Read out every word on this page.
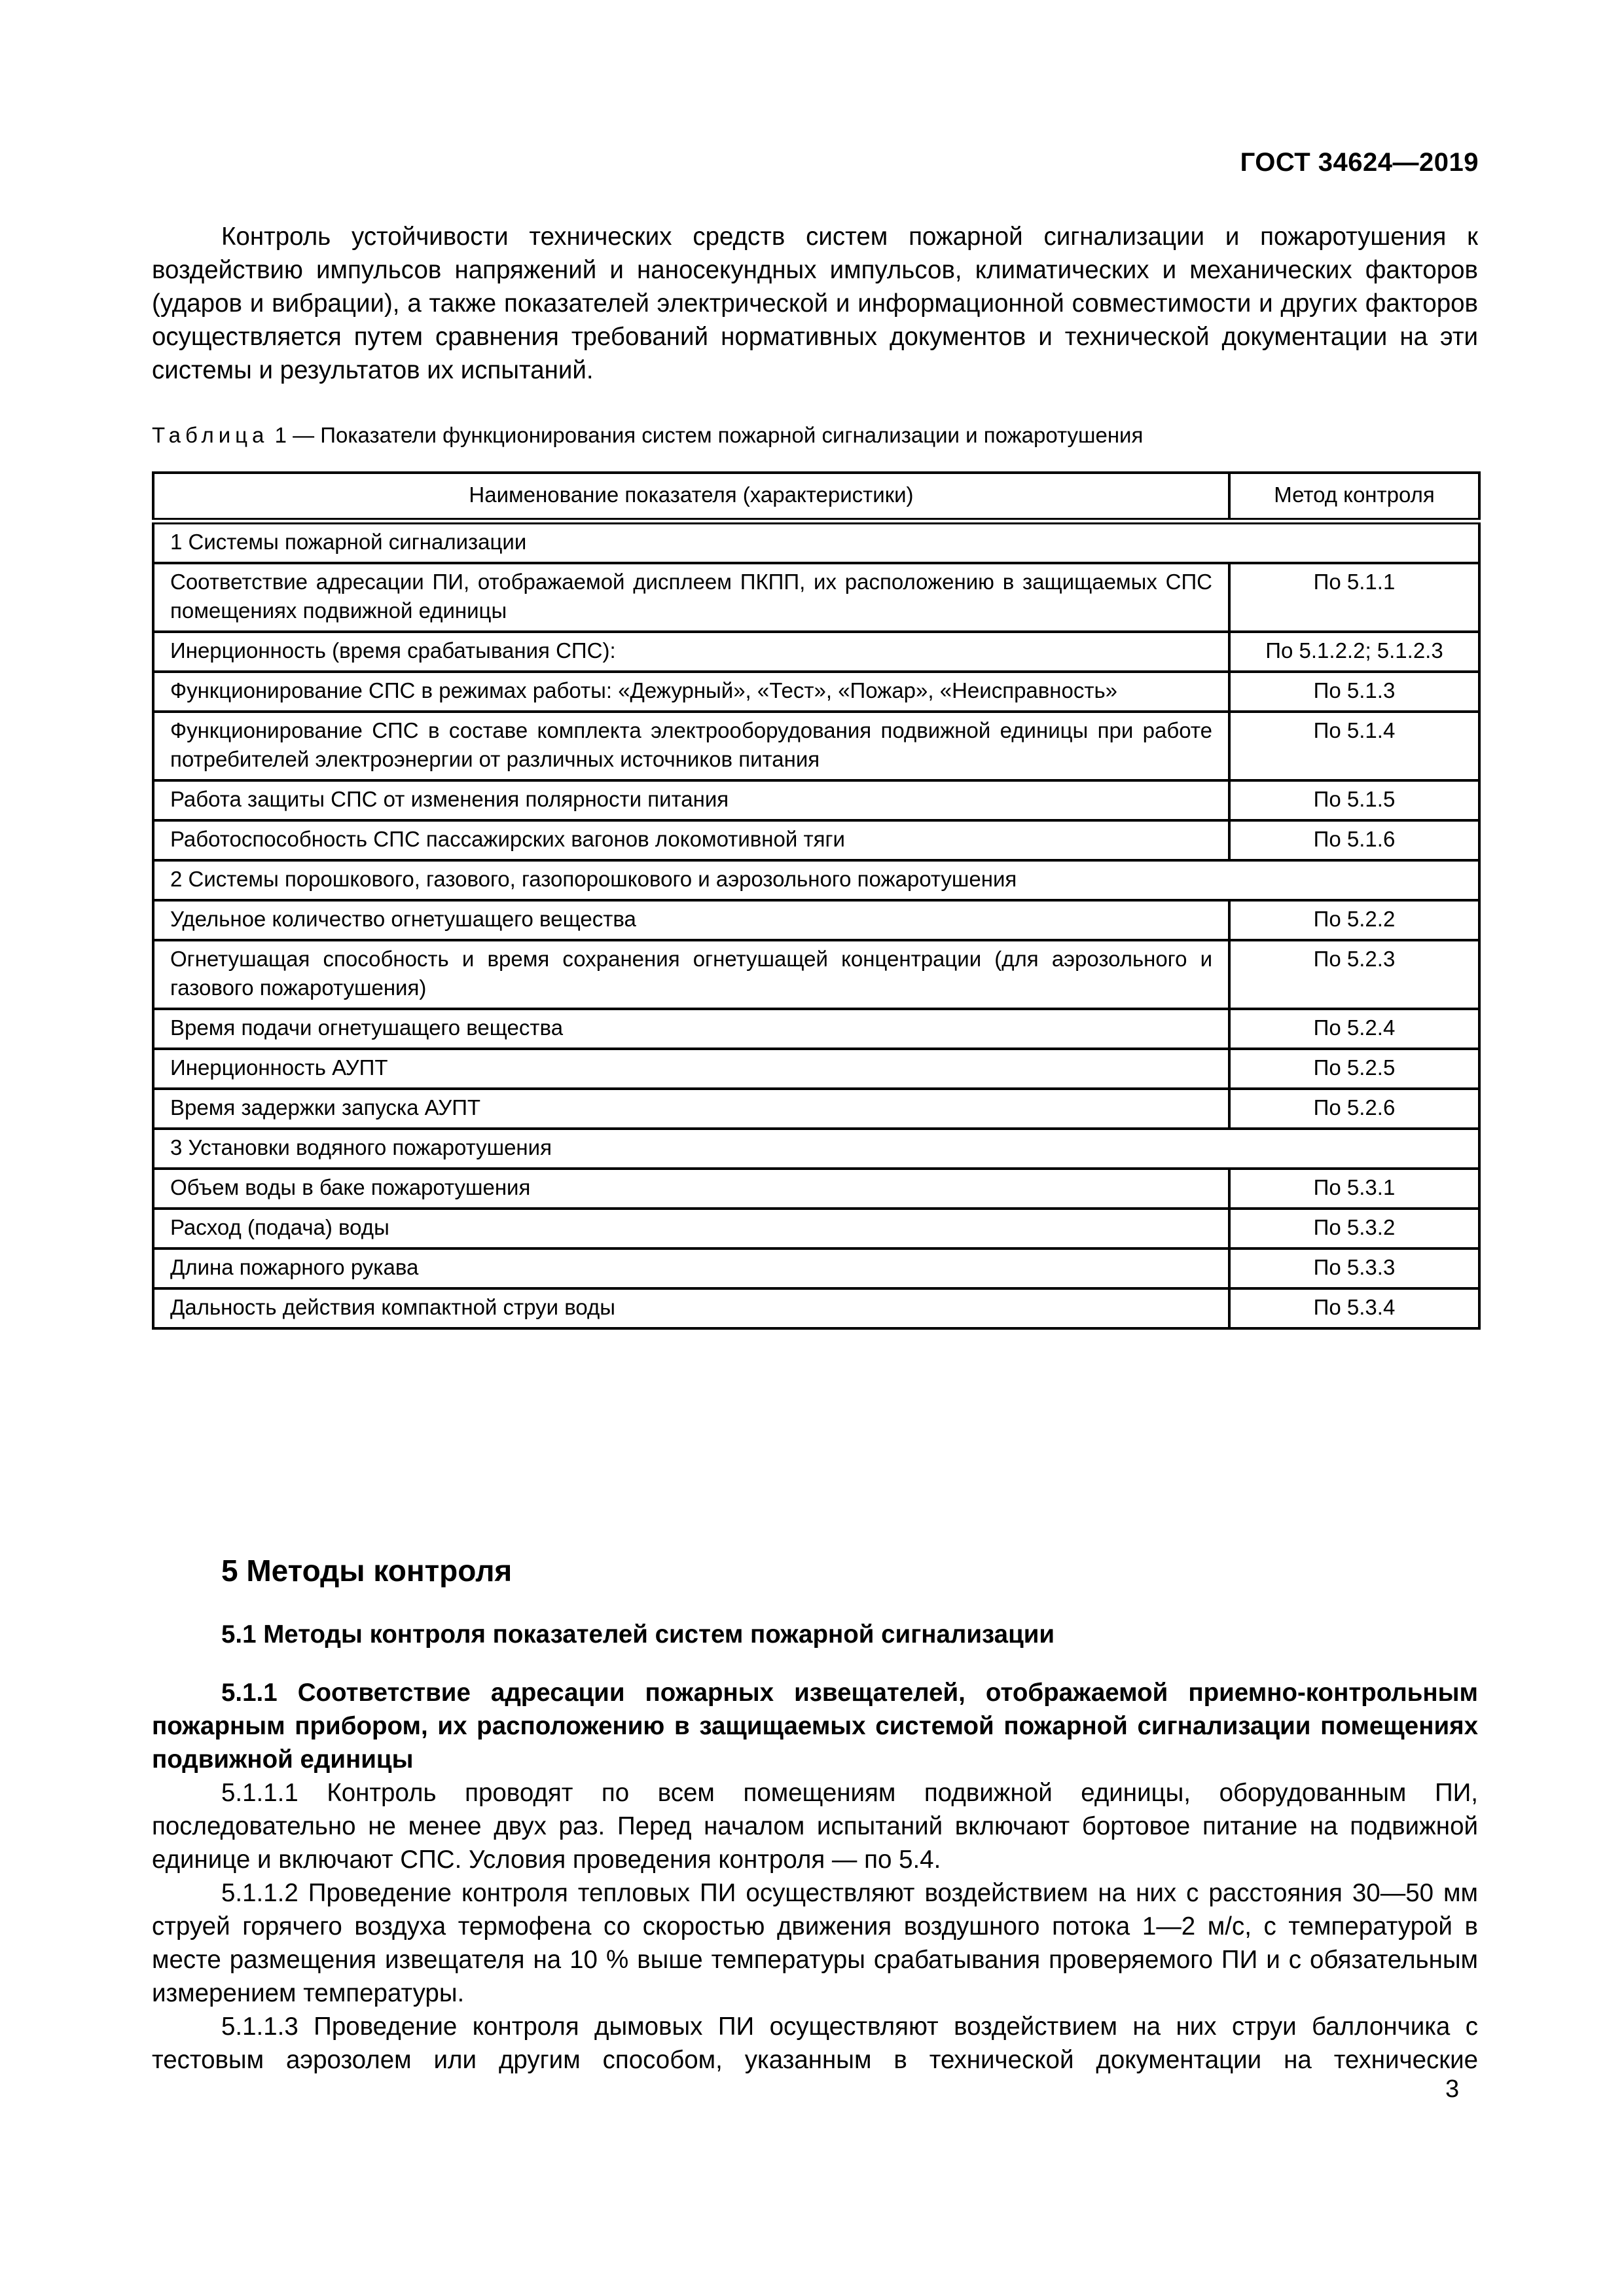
ГОСТ 34624—2019

Контроль устойчивости технических средств систем пожарной сигнализации и пожаротушения к воздействию импульсов напряжений и наносекундных импульсов, климатических и механических факторов (ударов и вибрации), а также показателей электрической и информационной совместимости и других факторов осуществляется путем сравнения требований нормативных документов и технической документации на эти системы и результатов их испытаний.

Таблица 1 — Показатели функционирования систем пожарной сигнализации и пожаротушения
Наименование показателя (характеристики)	Метод контроля
1 Системы пожарной сигнализации	
Соответствие адресации ПИ, отображаемой дисплеем ПКПП, их расположению в защищаемых СПС помещениях подвижной единицы	По 5.1.1
Инерционность (время срабатывания СПС):	По 5.1.2.2; 5.1.2.3
Функционирование СПС в режимах работы: «Дежурный», «Тест», «Пожар», «Неисправность»	По 5.1.3
Функционирование СПС в составе комплекта электрооборудования подвижной единицы при работе потребителей электроэнергии от различных источников питания	По 5.1.4
Работа защиты СПС от изменения полярности питания	По 5.1.5
Работоспособность СПС пассажирских вагонов локомотивной тяги	По 5.1.6
2 Системы порошкового, газового, газопорошкового и аэрозольного пожаротушения	
Удельное количество огнетушащего вещества	По 5.2.2
Огнетушащая способность и время сохранения огнетушащей концентрации (для аэрозольного и газового пожаротушения)	По 5.2.3
Время подачи огнетушащего вещества	По 5.2.4
Инерционность АУПТ	По 5.2.5
Время задержки запуска АУПТ	По 5.2.6
3 Установки водяного пожаротушения	
Объем воды в баке пожаротушения	По 5.3.1
Расход (подача) воды	По 5.3.2
Длина пожарного рукава	По 5.3.3
Дальность действия компактной струи воды	По 5.3.4
5 Методы контроля
5.1 Методы контроля показателей систем пожарной сигнализации

5.1.1 Соответствие адресации пожарных извещателей, отображаемой приемно-контрольным пожарным прибором, их расположению в защищаемых системой пожарной сигнализации помещениях подвижной единицы

5.1.1.1 Контроль проводят по всем помещениям подвижной единицы, оборудованным ПИ, последовательно не менее двух раз. Перед началом испытаний включают бортовое питание на подвижной единице и включают СПС. Условия проведения контроля — по 5.4.

5.1.1.2 Проведение контроля тепловых ПИ осуществляют воздействием на них с расстояния 30—50 мм струей горячего воздуха термофена со скоростью движения воздушного потока 1—2 м/с, с температурой в месте размещения извещателя на 10 % выше температуры срабатывания проверяемого ПИ и с обязательным измерением температуры.

5.1.1.3 Проведение контроля дымовых ПИ осуществляют воздействием на них струи баллончика с тестовым аэрозолем или другим способом, указанным в технической документации на технические

3
